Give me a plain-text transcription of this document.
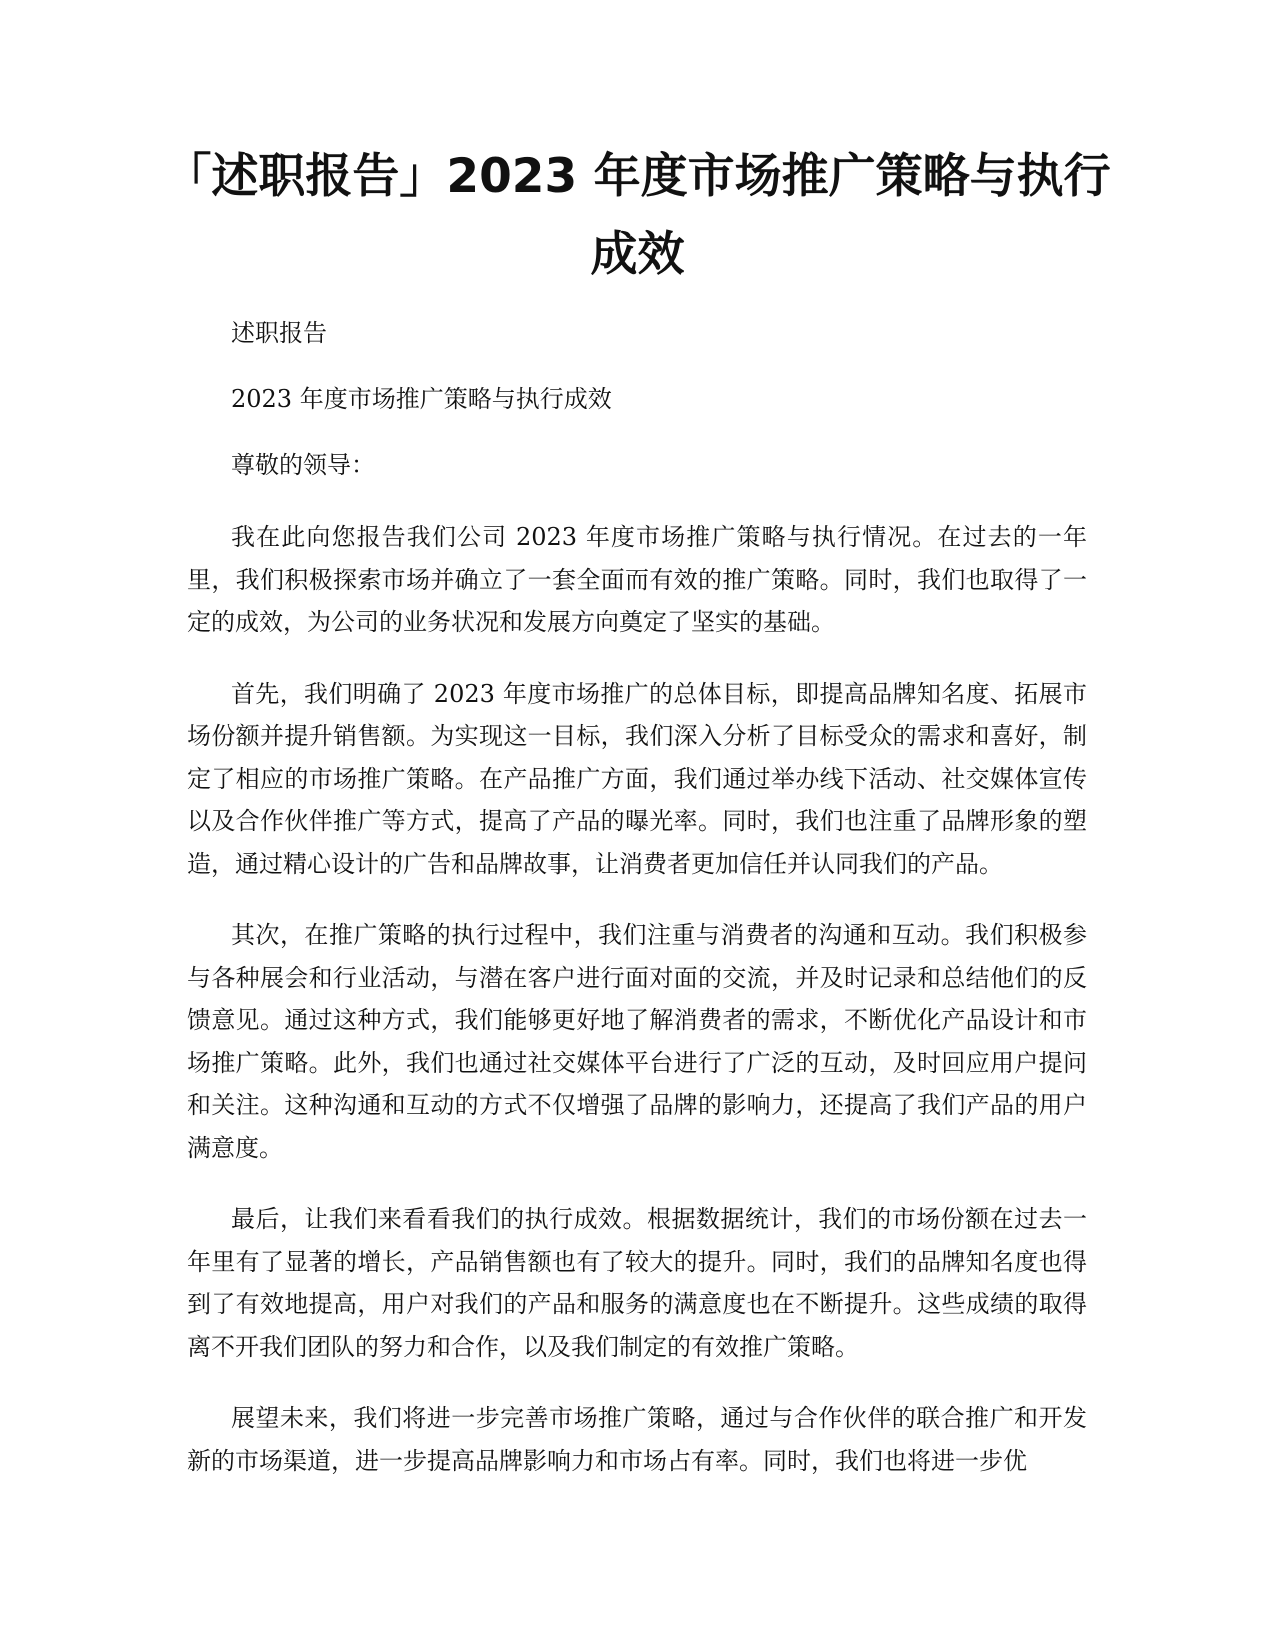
「述职报告」2023 年度市场推广策略与执行
成效

述职报告

2023 年度市场推广策略与执行成效

尊敬的领导：

我在此向您报告我们公司 2023 年度市场推广策略与执行情况。在过去的一年里，我们积极探索市场并确立了一套全面而有效的推广策略。同时，我们也取得了一定的成效，为公司的业务状况和发展方向奠定了坚实的基础。

首先，我们明确了 2023 年度市场推广的总体目标，即提高品牌知名度、拓展市场份额并提升销售额。为实现这一目标，我们深入分析了目标受众的需求和喜好，制定了相应的市场推广策略。在产品推广方面，我们通过举办线下活动、社交媒体宣传以及合作伙伴推广等方式，提高了产品的曝光率。同时，我们也注重了品牌形象的塑造，通过精心设计的广告和品牌故事，让消费者更加信任并认同我们的产品。

其次，在推广策略的执行过程中，我们注重与消费者的沟通和互动。我们积极参与各种展会和行业活动，与潜在客户进行面对面的交流，并及时记录和总结他们的反馈意见。通过这种方式，我们能够更好地了解消费者的需求，不断优化产品设计和市场推广策略。此外，我们也通过社交媒体平台进行了广泛的互动，及时回应用户提问和关注。这种沟通和互动的方式不仅增强了品牌的影响力，还提高了我们产品的用户满意度。

最后，让我们来看看我们的执行成效。根据数据统计，我们的市场份额在过去一年里有了显著的增长，产品销售额也有了较大的提升。同时，我们的品牌知名度也得到了有效地提高，用户对我们的产品和服务的满意度也在不断提升。这些成绩的取得离不开我们团队的努力和合作，以及我们制定的有效推广策略。

展望未来，我们将进一步完善市场推广策略，通过与合作伙伴的联合推广和开发新的市场渠道，进一步提高品牌影响力和市场占有率。同时，我们也将进一步优
